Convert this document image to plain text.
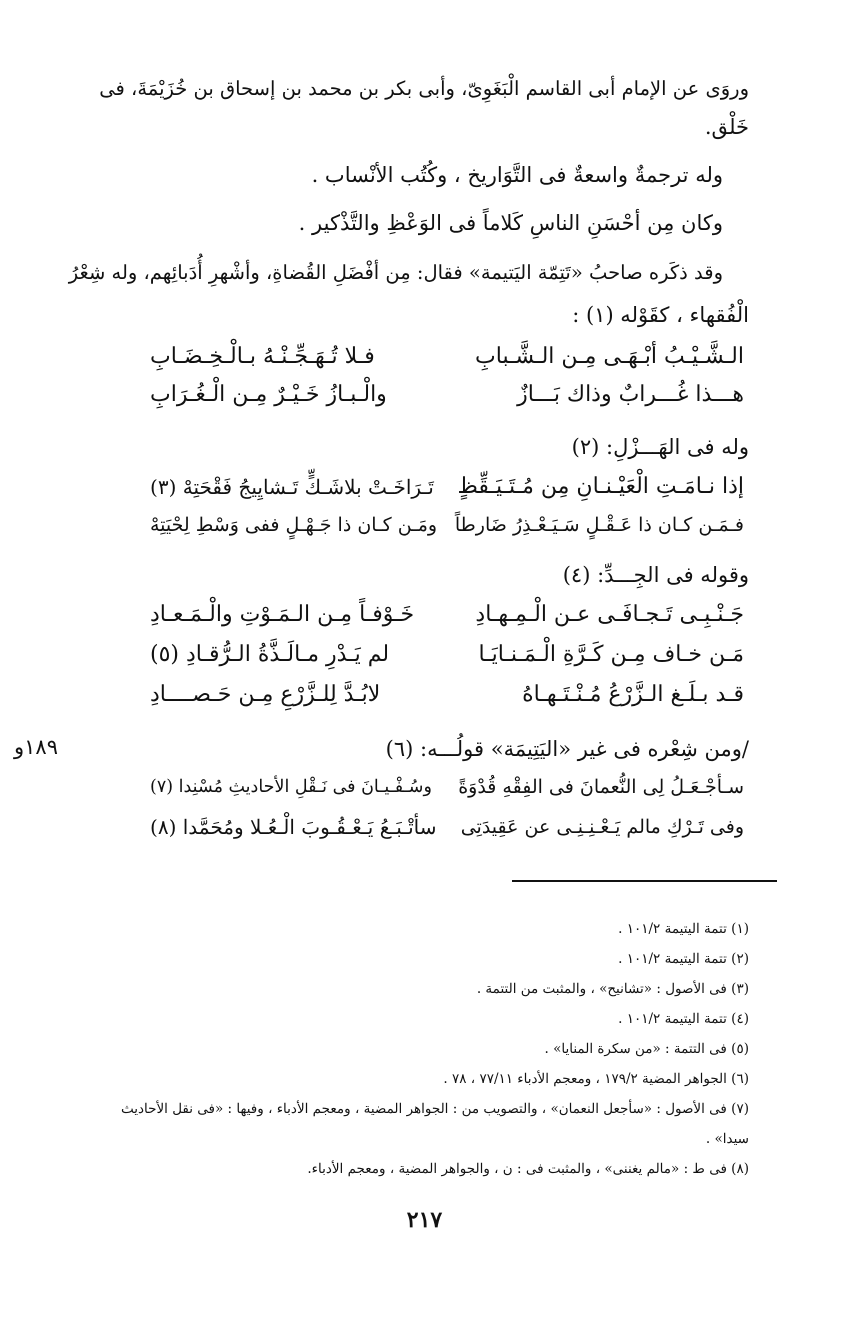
وروَى عن الإمام أبى القاسم الْبَغَوِىّ، وأبى بكر بن محمد بن إسحاق بن خُزَيْمَةَ، فى
خَلْق.
وله ترجمةٌ واسعةٌ فى التَّوَاريخ ، وكُتُب الأنْساب .
وكان مِن أحْسَنِ الناسِ كَلاماً فى الوَعْظِ والتَّذْكير .
وقد ذكَره صاحبُ «تَتِمّة اليَتيمة» فقال: مِن أفْضَلِ القُضاةِ، وأشْهرِ أُدَبائِهم، وله شِعْرُ
الْفُقهاء ، كقَوْله (١) :
الـشَّـيْـبُ أبْـهَـى مِـن الـشَّـبابِ
فـلا تُـهَـجِّـنْـهُ بـالْـخِـضَـابِ
هـــذا غُـــرابٌ وذاك بَـــازٌ
والْـبـازُ خَـيْـرٌ مِـن الْـغُـرَابِ
وله فى الهَـــزْلِ: (٢)
إذا نـامَـتِ الْعَيْـنـانِ مِن مُـتَـيَـقِّظٍ
تَـرَاخَـتْ بلاشَـكٍّ تَـشايِيجُ فَقْحَتِهْ (٣)
فـمَـن كـان ذا عَـقْـلٍ سَـيَـعْـذِرُ ضَارطاً
ومَـن كـان ذا جَـهْـلٍ ففى وَسْطِ لِحْيَتِهْ
وقوله فى الجِـــدِّ: (٤)
جَـنْـبِـى تَـجـافَـى عـن الْـمِـهـادِ
خَـوْفـاً مِـن الـمَـوْتِ والْـمَـعـادِ
مَـن خـاف مِـن كَـرَّةِ الْـمَـنـايَـا
لم يَـدْرِ مـالَـذَّةُ الـرُّقـادِ (٥)
قـد بـلَـغ الـزَّرْعُ مُـنْـتَـهـاهُ
لابُـدَّ لِلـزَّرْعِ مِـن حَـصــــادِ
١٨٩و	/ومن شِعْره فى غير «اليَتِيمَة» قولُـــه: (٦)
سـأجْـعَـلُ لِى النُّعمانَ فى الفِقْهِ قُدْوَةً
وسُـفْـيـانَ فى نَـقْلِ الأحاديثِ مُسْنِدا (٧)
وفى تَـرْكِ مالم يَـعْـنِـنِـى عن عَقِيدَتِى
سأتْـبَـعُ يَـعْـقُـوبَ الْـعُـلا ومُحَمَّدا (٨)
(١) تتمة اليتيمة ١٠١/٢ .
(٢) تتمة اليتيمة ١٠١/٢ .
(٣) فى الأصول : «تشانيح» ، والمثبت من التتمة .
(٤) تتمة اليتيمة ١٠١/٢ .
(٥) فى التتمة : «من سكرة المنايا» .
(٦) الجواهر المضية ١٧٩/٢ ، ومعجم الأدباء ٧٧/١١ ، ٧٨ .
(٧) فى الأصول : «سأجعل النعمان» ، والتصويب من : الجواهر المضية ، ومعجم الأدباء ، وفيها : «فى نقل الأحاديث
سيدا» .
(٨) فى ط : «مالم يغننى» ، والمثبت فى : ن ، والجواهر المضية ، ومعجم الأدباء.
٢١٧
